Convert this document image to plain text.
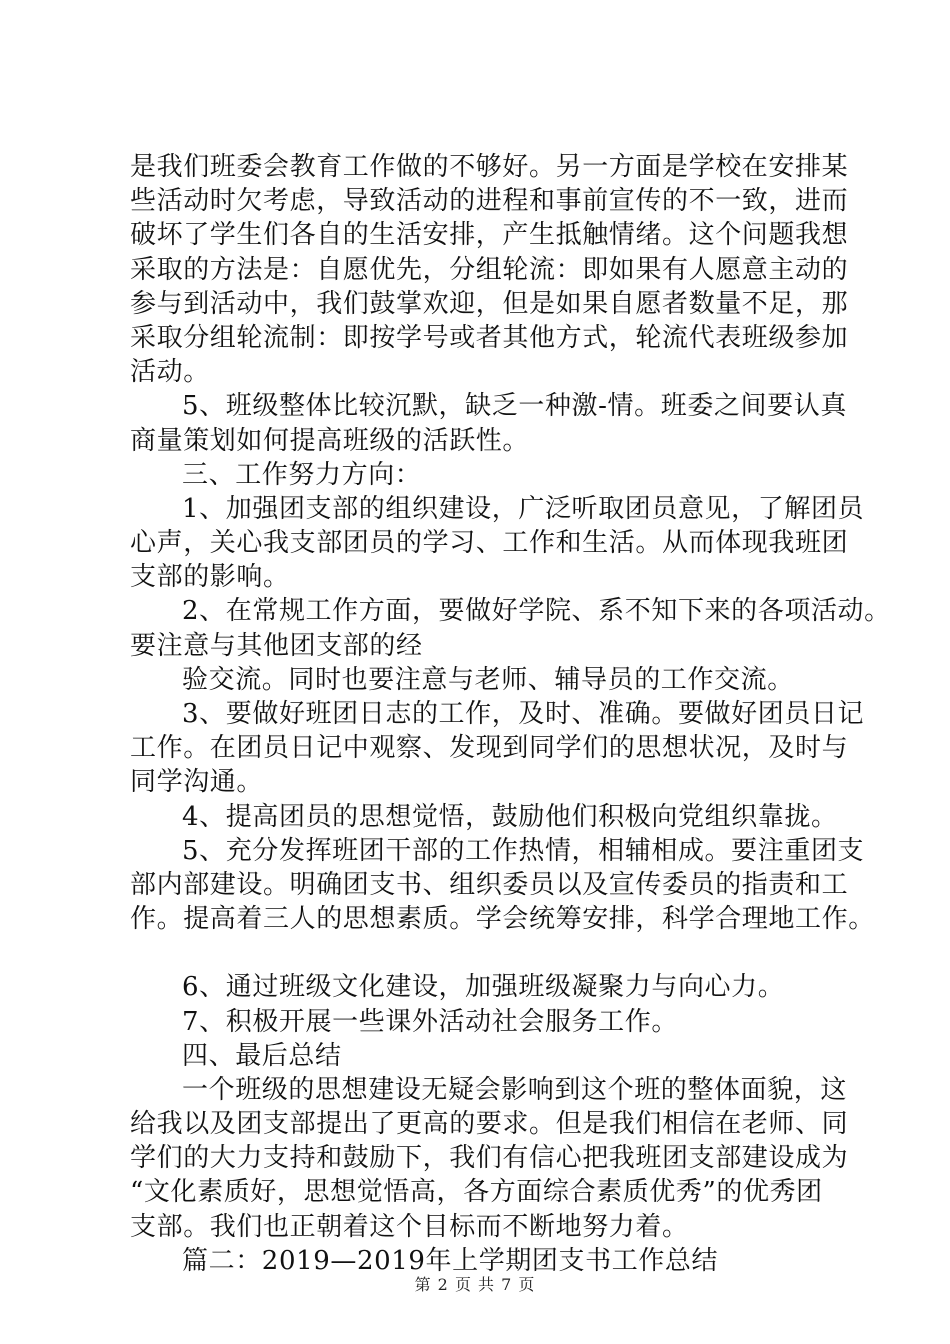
是我们班委会教育工作做的不够好。另一方面是学校在安排某
些活动时欠考虑，导致活动的进程和事前宣传的不一致，进而
破坏了学生们各自的生活安排，产生抵触情绪。这个问题我想
采取的方法是：自愿优先，分组轮流：即如果有人愿意主动的
参与到活动中，我们鼓掌欢迎，但是如果自愿者数量不足，那
采取分组轮流制：即按学号或者其他方式，轮流代表班级参加
活动。
5、班级整体比较沉默，缺乏一种激-情。班委之间要认真
商量策划如何提高班级的活跃性。
三、工作努力方向：
1、加强团支部的组织建设，广泛听取团员意见，了解团员
心声，关心我支部团员的学习、工作和生活。从而体现我班团
支部的影响。
2、在常规工作方面，要做好学院、系不知下来的各项活动。
要注意与其他团支部的经
验交流。同时也要注意与老师、辅导员的工作交流。
3、要做好班团日志的工作，及时、准确。要做好团员日记
工作。在团员日记中观察、发现到同学们的思想状况，及时与
同学沟通。
4、提高团员的思想觉悟，鼓励他们积极向党组织靠拢。
5、充分发挥班团干部的工作热情，相辅相成。要注重团支
部内部建设。明确团支书、组织委员以及宣传委员的指责和工
作。提高着三人的思想素质。学会统筹安排，科学合理地工作。
6、通过班级文化建设，加强班级凝聚力与向心力。
7、积极开展一些课外活动社会服务工作。
四、最后总结
一个班级的思想建设无疑会影响到这个班的整体面貌，这
给我以及团支部提出了更高的要求。但是我们相信在老师、同
学们的大力支持和鼓励下，我们有信心把我班团支部建设成为
“文化素质好，思想觉悟高，各方面综合素质优秀”的优秀团
支部。我们也正朝着这个目标而不断地努力着。
篇二：2019—2019年上学期团支书工作总结
第 2 页 共 7 页
